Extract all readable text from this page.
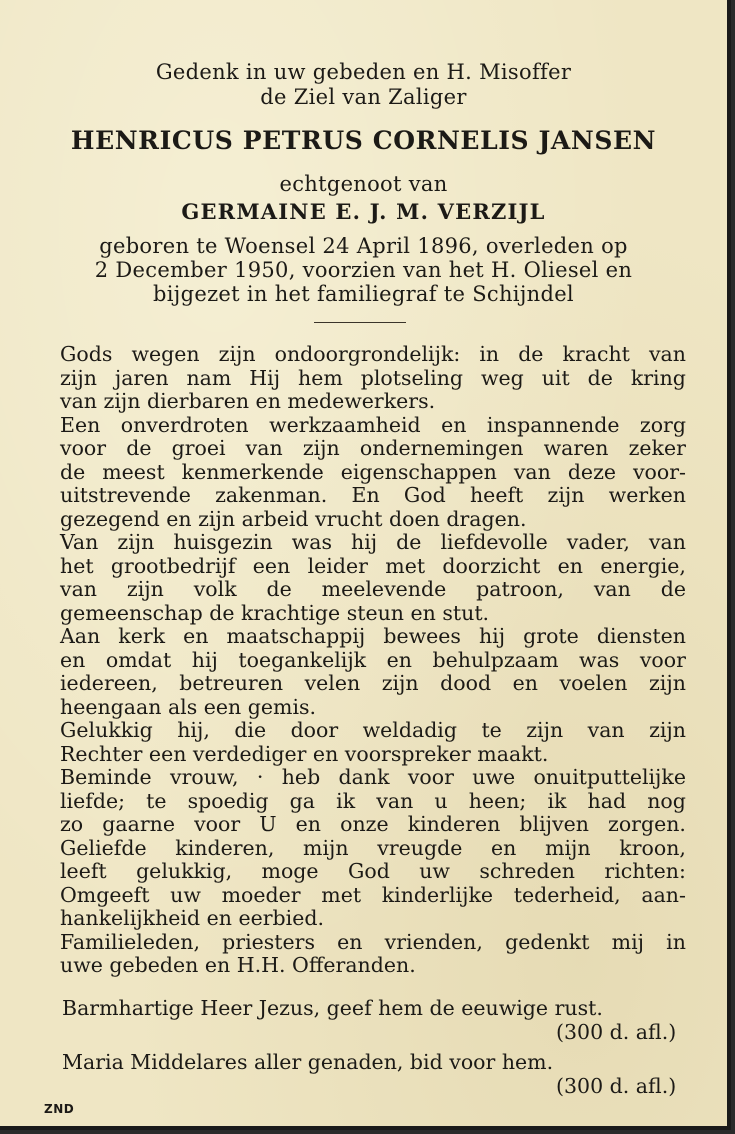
Gedenk in uw gebeden en H. Misoffer
de Ziel van Zaliger
HENRICUS PETRUS CORNELIS JANSEN
echtgenoot van
GERMAINE E. J. M. VERZIJL
geboren te Woensel 24 April 1896, overleden op
2 December 1950, voorzien van het H. Oliesel en
bijgezet in het familiegraf te Schijndel
Gods wegen zijn ondoorgrondelijk: in de kracht van
zijn jaren nam Hij hem plotseling weg uit de kring
van zijn dierbaren en medewerkers.
Een onverdroten werkzaamheid en inspannende zorg
voor de groei van zijn ondernemingen waren zeker
de meest kenmerkende eigenschappen van deze voor-
uitstrevende zakenman. En God heeft zijn werken
gezegend en zijn arbeid vrucht doen dragen.
Van zijn huisgezin was hij de liefdevolle vader, van
het grootbedrijf een leider met doorzicht en energie,
van zijn volk de meelevende patroon, van de
gemeenschap de krachtige steun en stut.
Aan kerk en maatschappij bewees hij grote diensten
en omdat hij toegankelijk en behulpzaam was voor
iedereen, betreuren velen zijn dood en voelen zijn
heengaan als een gemis.
Gelukkig hij, die door weldadig te zijn van zijn
Rechter een verdediger en voorspreker maakt.
Beminde vrouw, · heb dank voor uwe onuitputtelijke
liefde; te spoedig ga ik van u heen; ik had nog
zo gaarne voor U en onze kinderen blijven zorgen.
Geliefde kinderen, mijn vreugde en mijn kroon,
leeft gelukkig, moge God uw schreden richten:
Omgeeft uw moeder met kinderlijke tederheid, aan-
hankelijkheid en eerbied.
Familieleden, priesters en vrienden, gedenkt mij in
uwe gebeden en H.H. Offeranden.
Barmhartige Heer Jezus, geef hem de eeuwige rust.
(300 d. afl.)
Maria Middelares aller genaden, bid voor hem.
(300 d. afl.)
ZND
